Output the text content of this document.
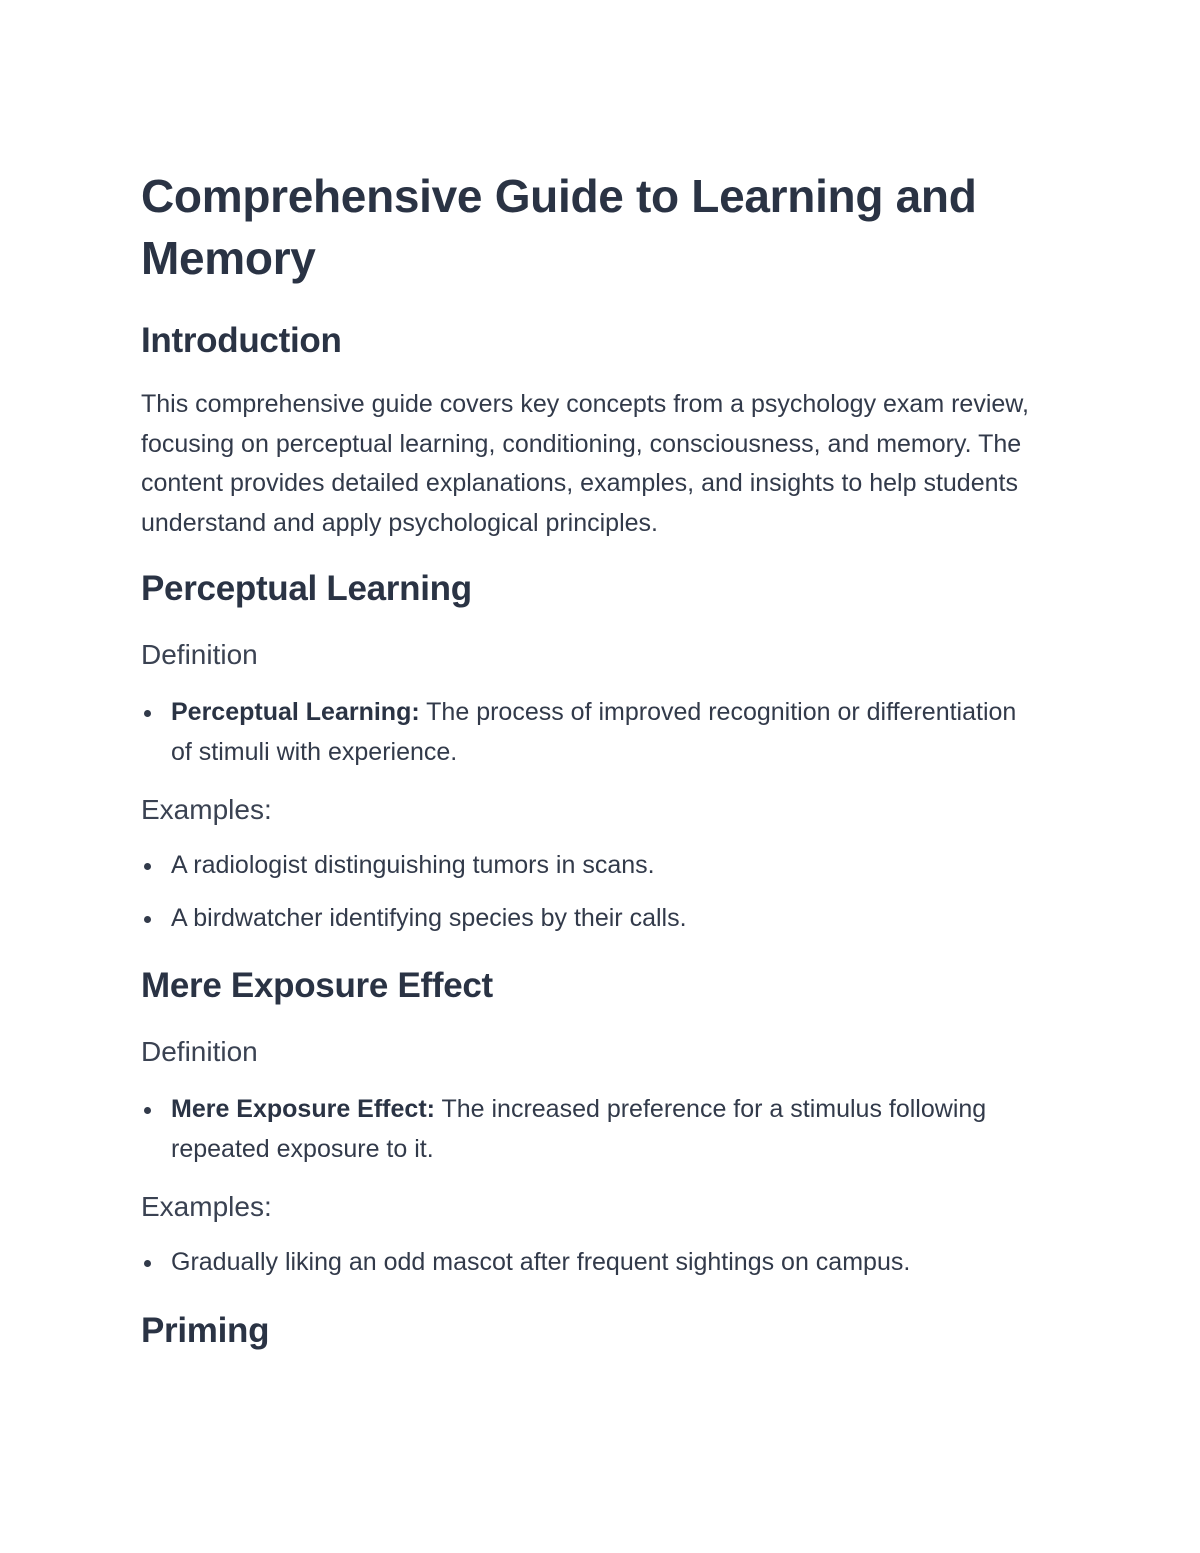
Comprehensive Guide to Learning and Memory
Introduction

This comprehensive guide covers key concepts from a psychology exam review, focusing on perceptual learning, conditioning, consciousness, and memory. The content provides detailed explanations, examples, and insights to help students understand and apply psychological principles.

Perceptual Learning
Definition
Perceptual Learning: The process of improved recognition or differentiation of stimuli with experience.
Examples:
A radiologist distinguishing tumors in scans.
A birdwatcher identifying species by their calls.
Mere Exposure Effect
Definition
Mere Exposure Effect: The increased preference for a stimulus following repeated exposure to it.
Examples:
Gradually liking an odd mascot after frequent sightings on campus.
Priming
